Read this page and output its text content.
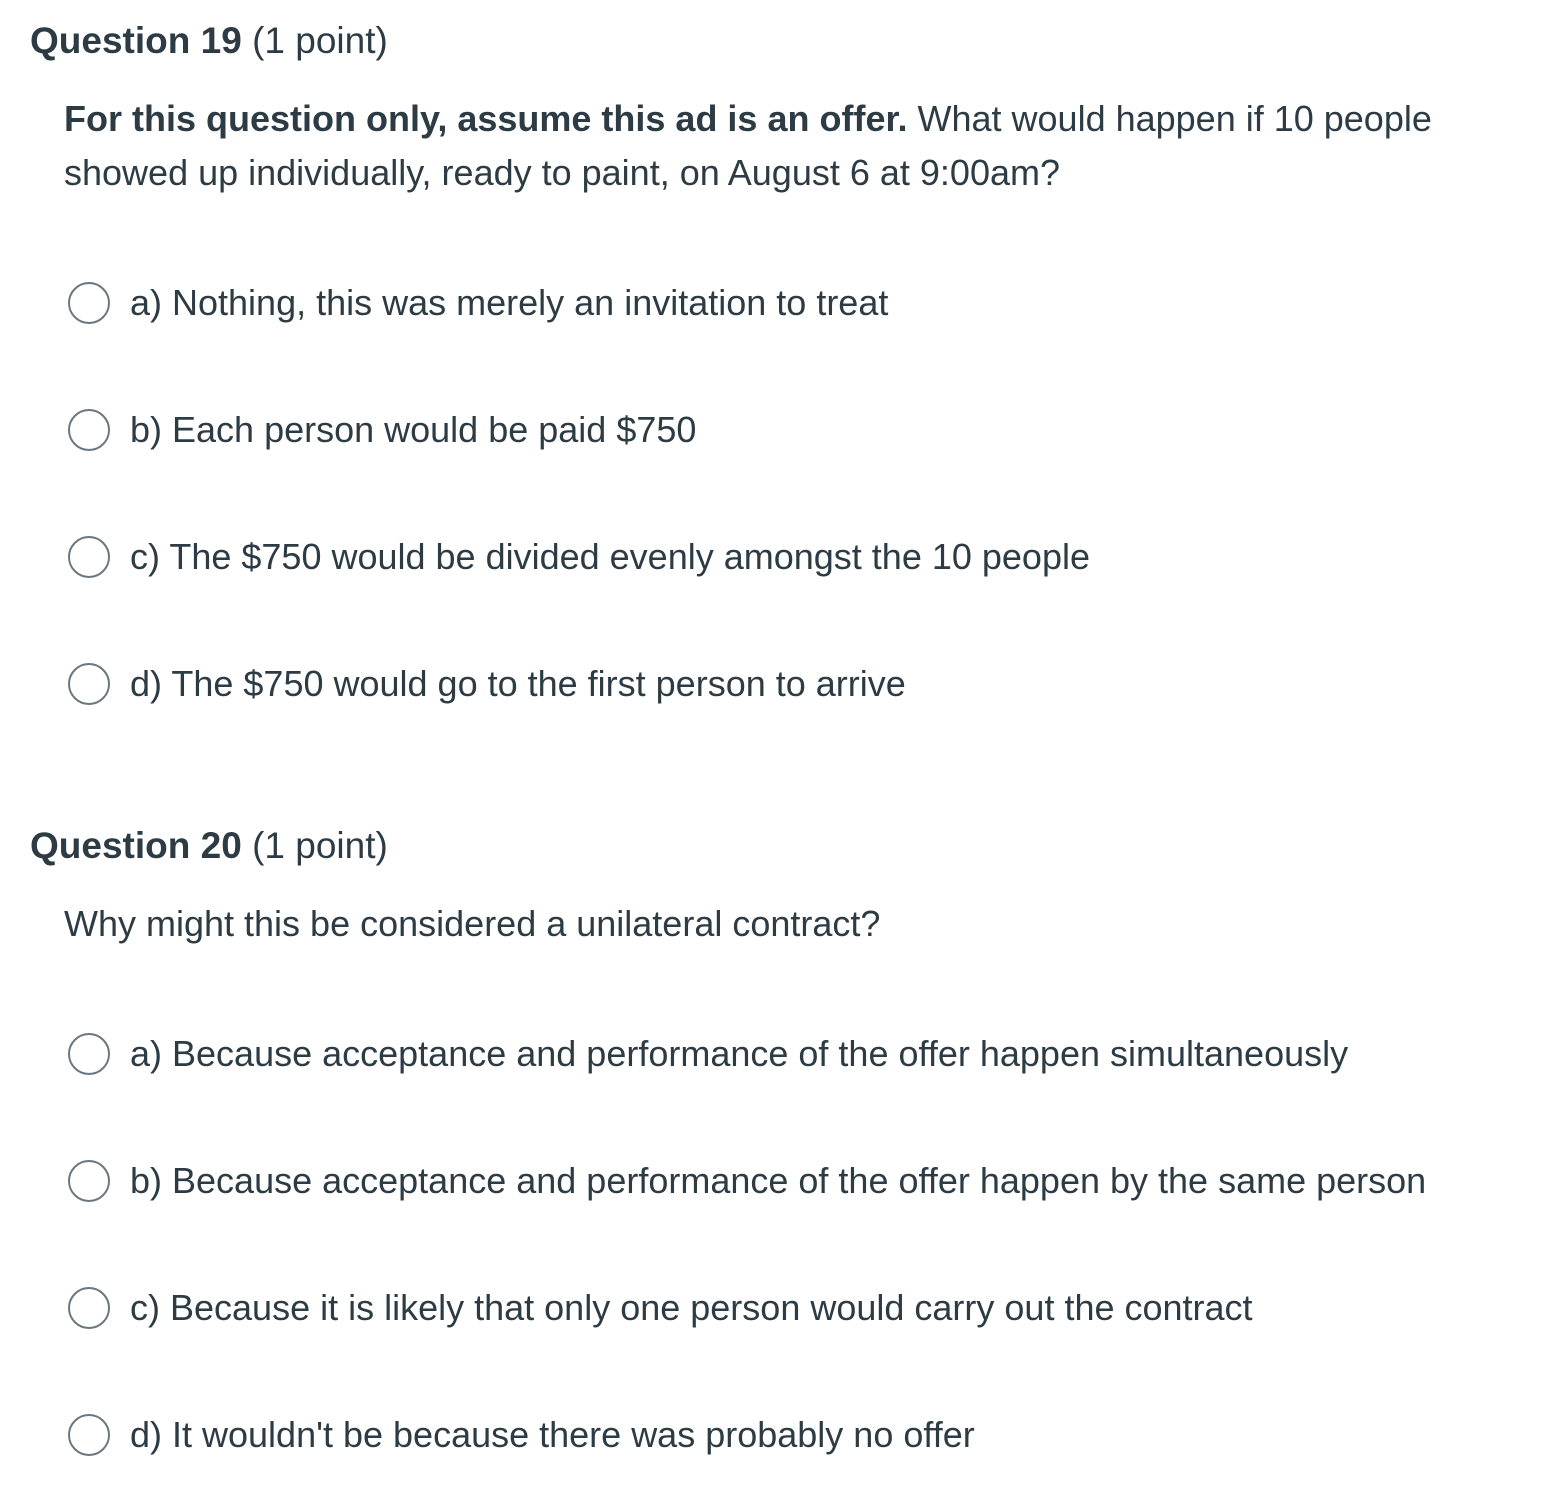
Question 19 (1 point)
For this question only, assume this ad is an offer. What would happen if 10 people showed up individually, ready to paint, on August 6 at 9:00am?
a) Nothing, this was merely an invitation to treat
b) Each person would be paid $750
c) The $750 would be divided evenly amongst the 10 people
d) The $750 would go to the first person to arrive
Question 20 (1 point)
Why might this be considered a unilateral contract?
a) Because acceptance and performance of the offer happen simultaneously
b) Because acceptance and performance of the offer happen by the same person
c) Because it is likely that only one person would carry out the contract
d) It wouldn't be because there was probably no offer
